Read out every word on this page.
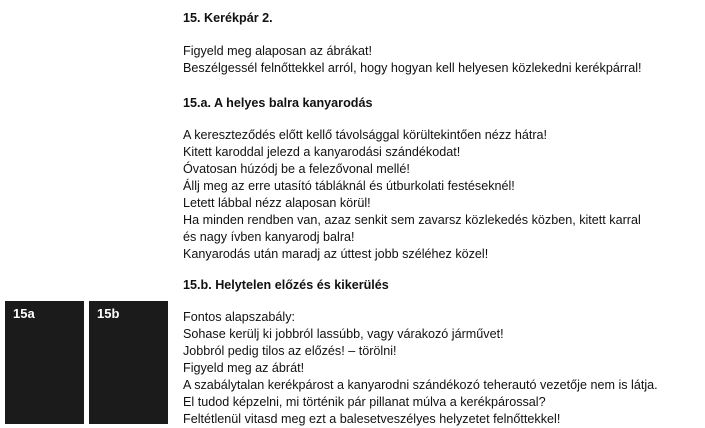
15. Kerékpár 2.
Figyeld meg alaposan az ábrákat!
Beszélgessél felnőttekkel arról, hogy hogyan kell helyesen közlekedni kerékpárral!
15.a. A helyes balra kanyarodás
A kereszteződés előtt kellő távolsággal körültekintően nézz hátra!
Kitett karoddal jelezd a kanyarodási szándékodat!
Óvatosan húzódj be a felezővonal mellé!
Állj meg az erre utasító tábláknál és útburkolati festéseknél!
Letett lábbal nézz alaposan körül!
Ha minden rendben van, azaz senkit sem zavarsz közlekedés közben, kitett karral
és nagy ívben kanyarodj balra!
Kanyarodás után maradj az úttest jobb széléhez közel!
15.b. Helytelen előzés és kikerülés
Fontos alapszabály:
Sohase kerülj ki jobbról lassúbb, vagy várakozó járművet!
Jobbról pedig tilos az előzés! – törölni!
Figyeld meg az ábrát!
A szabálytalan kerékpárost a kanyarodni szándékozó teherautó vezetője nem is látja.
El tudod képzelni, mi történik pár pillanat múlva a kerékpárossal?
Feltétlenül vitasd meg ezt a balesetveszélyes helyzetet felnőttekkel!
15a	15b
